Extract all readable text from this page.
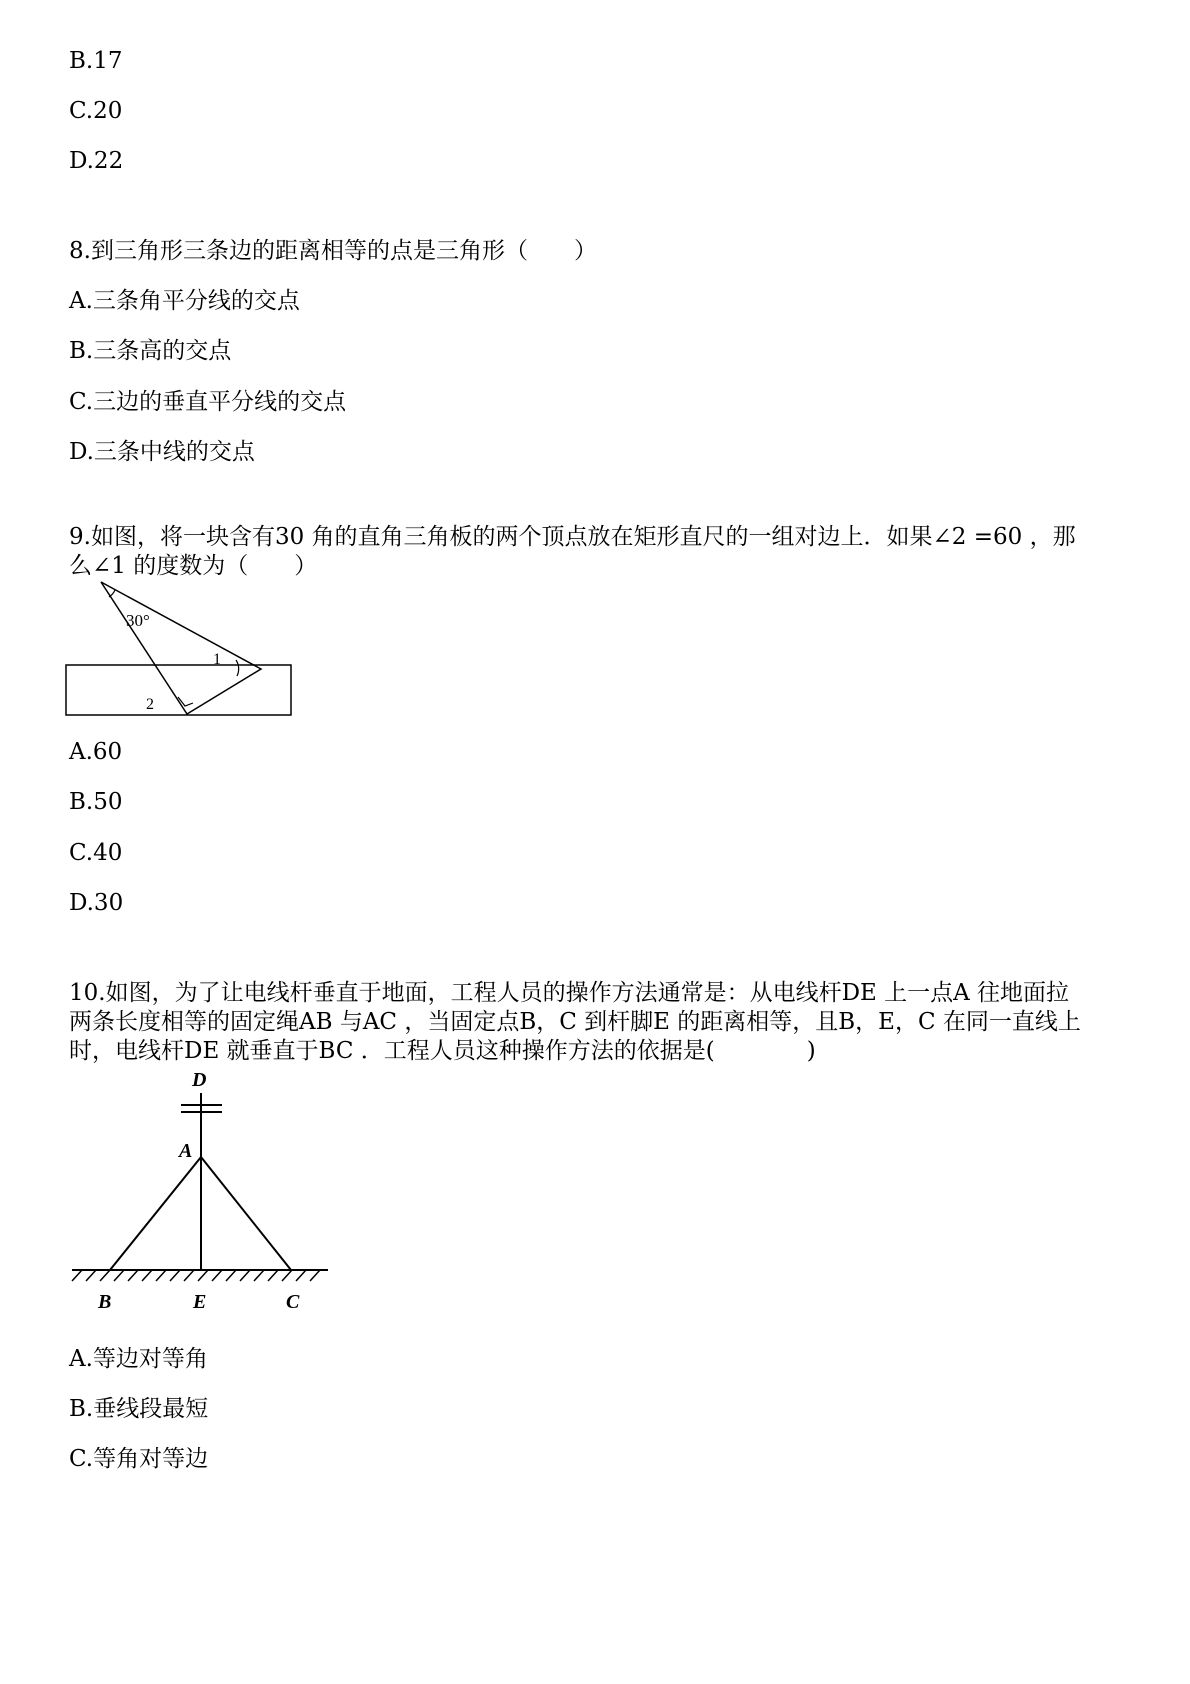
B.17
C.20
D.22
8.到三角形三条边的距离相等的点是三角形（　　）
A.三条角平分线的交点
B.三条高的交点
C.三边的垂直平分线的交点
D.三条中线的交点
9.如图，将一块含有30 角的直角三角板的两个顶点放在矩形直尺的一组对边上．如果∠2 =60 ，那
么∠1 的度数为（　　）
30°
1
2
A.60
B.50
C.40
D.30
10.如图，为了让电线杆垂直于地面，工程人员的操作方法通常是：从电线杆DE 上一点A 往地面拉
两条长度相等的固定绳AB 与AC ，当固定点B，C 到杆脚E 的距离相等，且B，E，C 在同一直线上
时，电线杆DE 就垂直于BC ．工程人员这种操作方法的依据是(　　　　)
D
A
B	E	C
A.等边对等角
B.垂线段最短
C.等角对等边
